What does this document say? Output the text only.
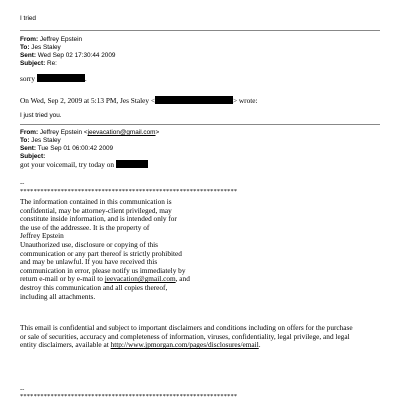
I tried
From: Jeffrey Epstein
To: Jes Staley
Sent: Wed Sep 02 17:30:44 2009
Subject: Re:
sorry	.
On Wed, Sep 2, 2009 at 5:13 PM, Jes Staley <	> wrote:
I just tried you.
From: Jeffrey Epstein <jeevacation@gmail.com>
To: Jes Staley
Sent: Tue Sep 01 06:00:42 2009
Subject:
got your voicemail, try today on
--
****************************************************************
The information contained in this communication is
confidential, may be attorney-client privileged, may
constitute inside information, and is intended only for
the use of the addressee. It is the property of
Jeffrey Epstein
Unauthorized use, disclosure or copying of this
communication or any part thereof is strictly prohibited
and may be unlawful. If you have received this
communication in error, please notify us immediately by
return e-mail or by e-mail to jeevacation@gmail.com, and
destroy this communication and all copies thereof,
including all attachments.
This email is confidential and subject to important disclaimers and conditions including on offers for the purchase
or sale of securities, accuracy and completeness of information, viruses, confidentiality, legal privilege, and legal
entity disclaimers, available at http://www.jpmorgan.com/pages/disclosures/email.
--
****************************************************************
